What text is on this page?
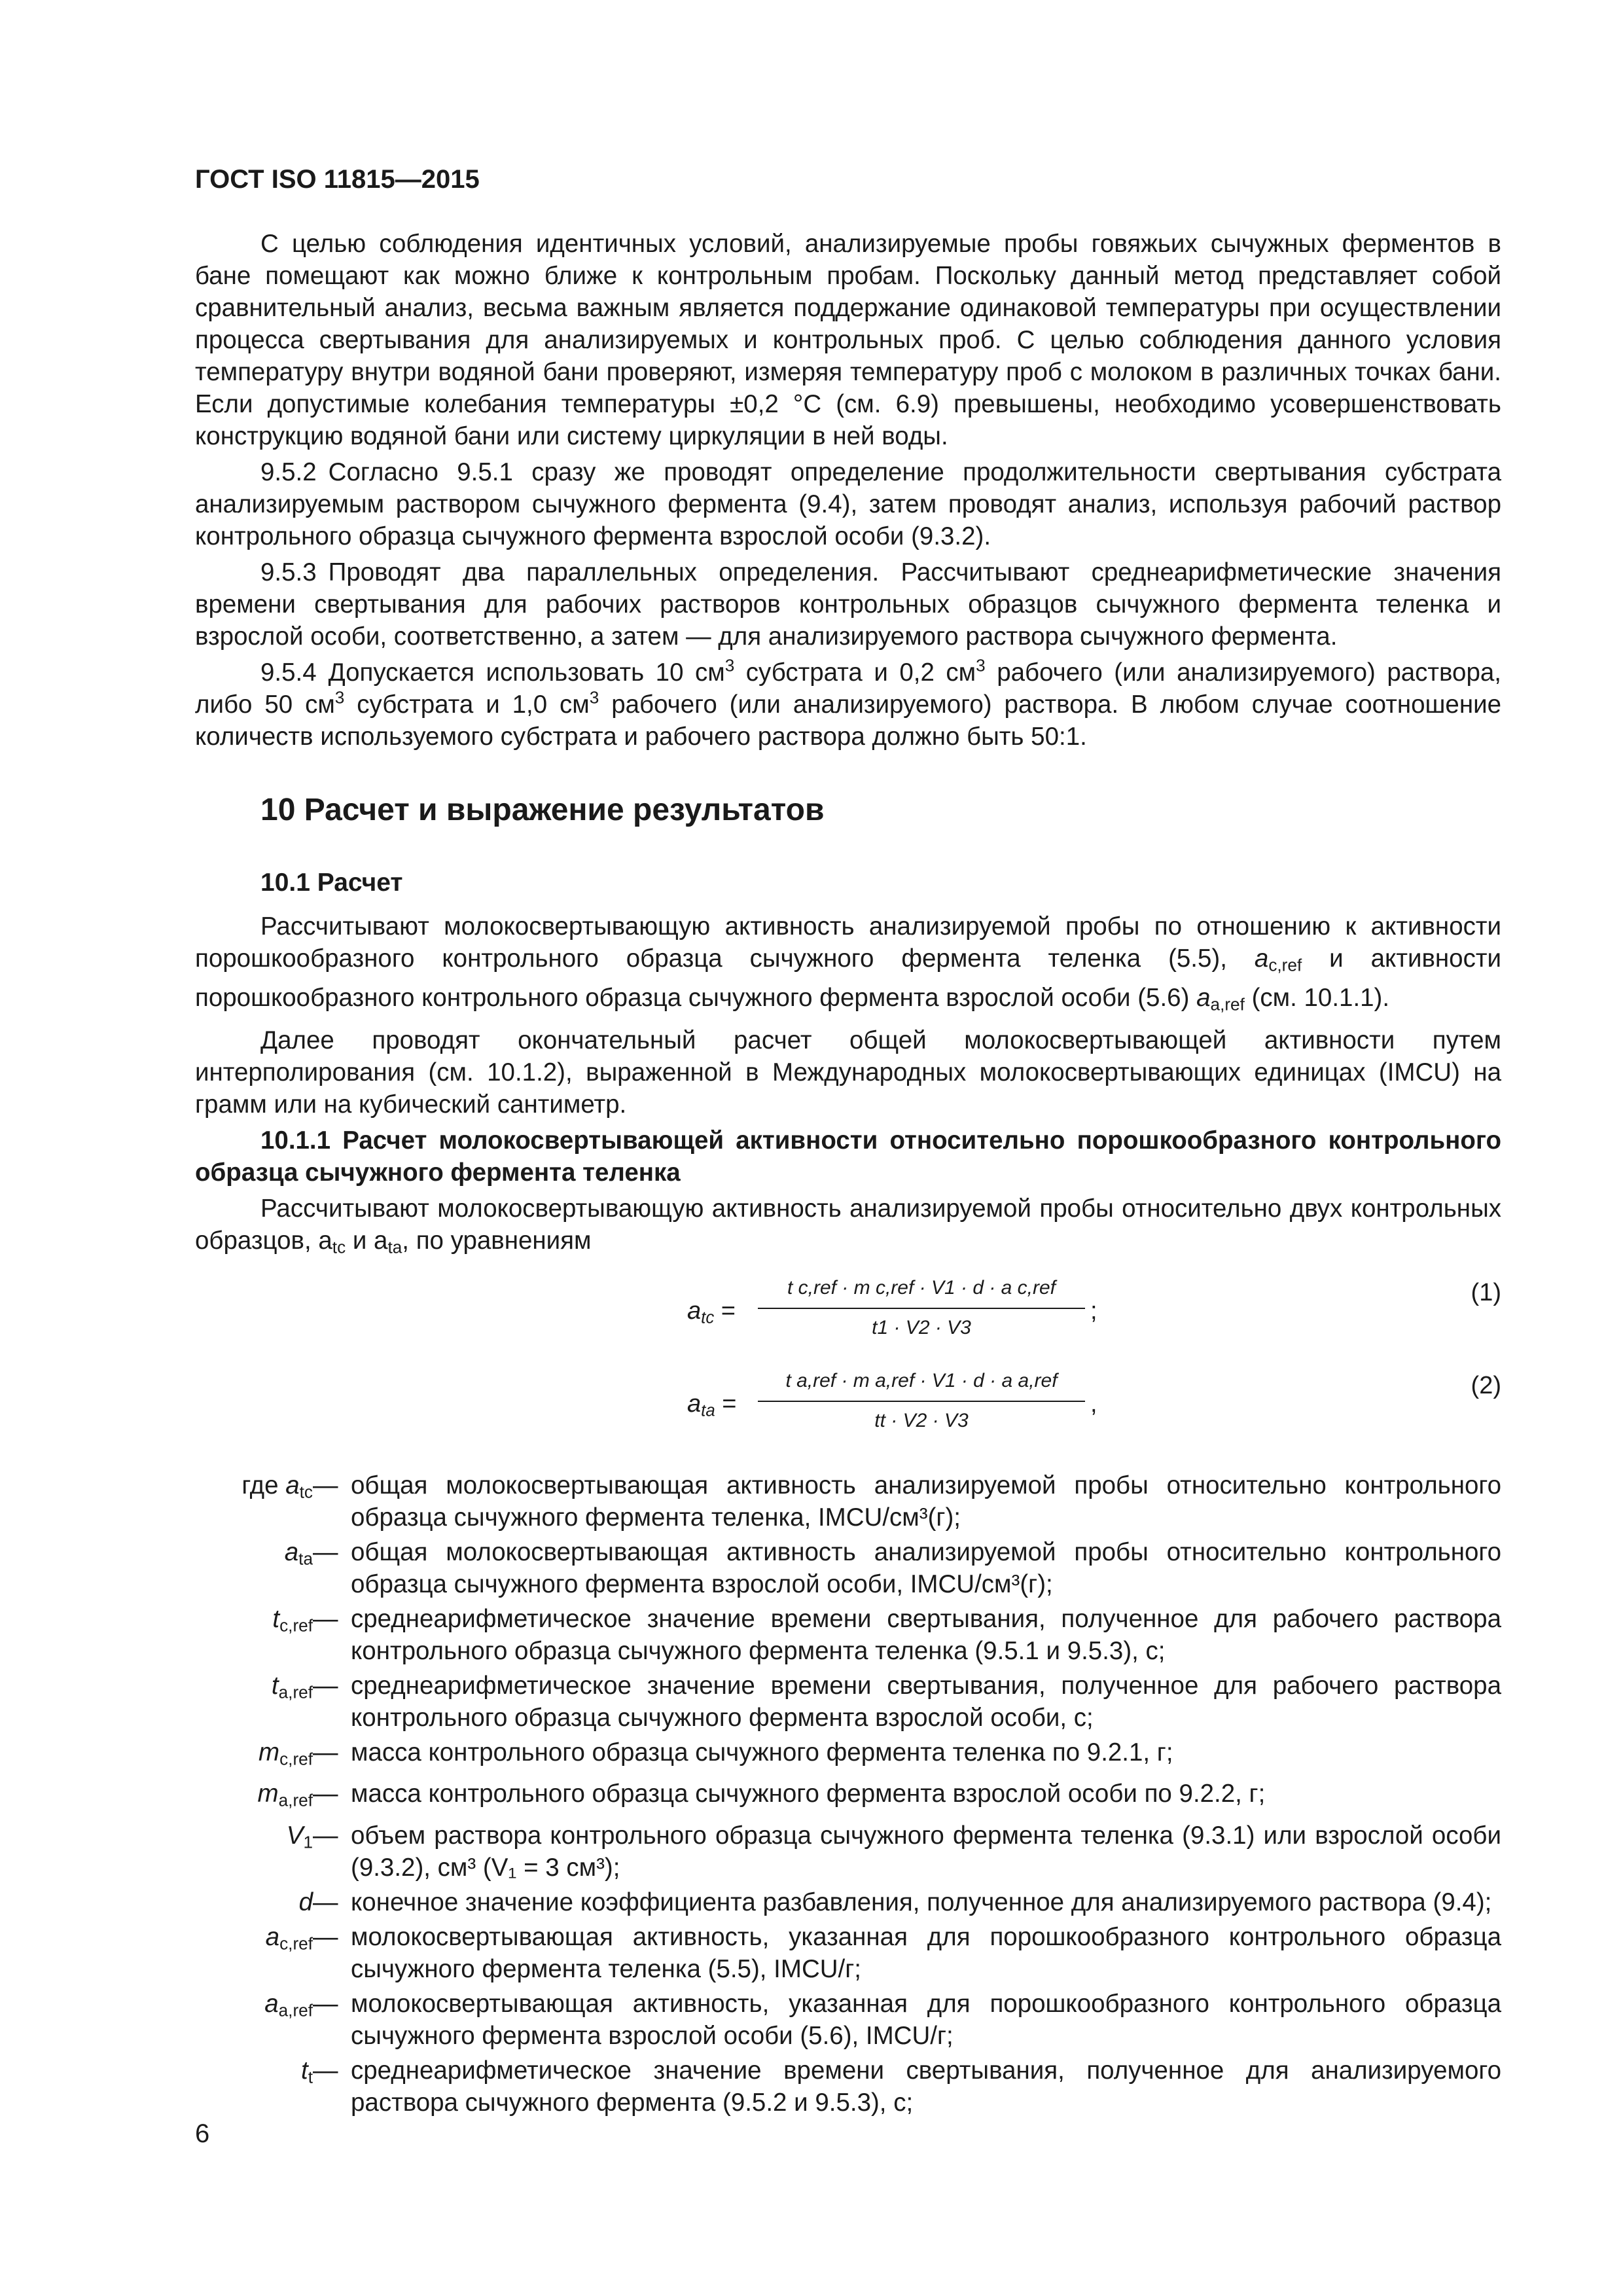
ГОСТ ISO 11815—2015

С целью соблюдения идентичных условий, анализируемые пробы говяжьих сычужных ферментов в бане помещают как можно ближе к контрольным пробам. Поскольку данный метод представляет собой сравнительный анализ, весьма важным является поддержание одинаковой температуры при осуществлении процесса свертывания для анализируемых и контрольных проб. С целью соблюдения данного условия температуру внутри водяной бани проверяют, измеряя температуру проб с молоком в различных точках бани. Если допустимые колебания температуры ±0,2 °С (см. 6.9) превышены, необходимо усовершенствовать конструкцию водяной бани или систему циркуляции в ней воды.

9.5.2 Согласно 9.5.1 сразу же проводят определение продолжительности свертывания субстрата анализируемым раствором сычужного фермента (9.4), затем проводят анализ, используя рабочий раствор контрольного образца сычужного фермента взрослой особи (9.3.2).

9.5.3 Проводят два параллельных определения. Рассчитывают среднеарифметические значения времени свертывания для рабочих растворов контрольных образцов сычужного фермента теленка и взрослой особи, соответственно, а затем — для анализируемого раствора сычужного фермента.

9.5.4 Допускается использовать 10 $см^3$ субстрата и 0,2 $см^3$ рабочего (или анализируемого) раствора, либо 50 $см^3$ субстрата и 1,0 $см^3$ рабочего (или анализируемого) раствора. В любом случае соотношение количеств используемого субстрата и рабочего раствора должно быть 50:1.

10 Расчет и выражение результатов
10.1 Расчет

Рассчитывают молокосвертывающую активность анализируемой пробы по отношению к активности порошкообразного контрольного образца сычужного фермента теленка (5.5), $a_{c,ref}$ и активности порошкообразного контрольного образца сычужного фермента взрослой особи (5.6) $a_{a,ref}$ (см. 10.1.1).

Далее проводят окончательный расчет общей молокосвертывающей активности путем интерполирования (см. 10.1.2), выраженной в Международных молокосвертывающих единицах (IMCU) на грамм или на кубический сантиметр.

10.1.1 Расчет молокосвертывающей активности относительно порошкообразного контрольного образца сычужного фермента теленка

Рассчитывают молокосвертывающую активность анализируемой пробы относительно двух контрольных образцов, $a_{tc}$ и $a_{ta}$, по уравнениям

$a_{tc}$ =
t c,ref · m c,ref · V1 · d · a c,ref
t1 · V2 · V3
;
(1)
$a_{ta}$ =
t a,ref · m a,ref · V1 · d · a a,ref
tt · V2 · V3
,
(2)
где $a_{tc}$ — общая молокосвертывающая активность анализируемой пробы относительно контрольного образца сычужного фермента теленка, IMCU/см³(г);
$a_{ta}$ — общая молокосвертывающая активность анализируемой пробы относительно контрольного образца сычужного фермента взрослой особи, IMCU/см³(г);
$t_{c,ref}$ — среднеарифметическое значение времени свертывания, полученное для рабочего раствора контрольного образца сычужного фермента теленка (9.5.1 и 9.5.3), с;
$t_{a,ref}$ — среднеарифметическое значение времени свертывания, полученное для рабочего раствора контрольного образца сычужного фермента взрослой особи, с;
$m_{c,ref}$ — масса контрольного образца сычужного фермента теленка по 9.2.1, г;
$m_{a,ref}$ — масса контрольного образца сычужного фермента взрослой особи по 9.2.2, г;
$V_1$ — объем раствора контрольного образца сычужного фермента теленка (9.3.1) или взрослой особи (9.3.2), см³ (V₁ = 3 см³);
d — конечное значение коэффициента разбавления, полученное для анализируемого раствора (9.4);
$a_{c,ref}$ — молокосвертывающая активность, указанная для порошкообразного контрольного образца сычужного фермента теленка (5.5), IMCU/г;
$a_{a,ref}$ — молокосвертывающая активность, указанная для порошкообразного контрольного образца сычужного фермента взрослой особи (5.6), IMCU/г;
$t_t$ — среднеарифметическое значение времени свертывания, полученное для анализируемого раствора сычужного фермента (9.5.2 и 9.5.3), с;
6
